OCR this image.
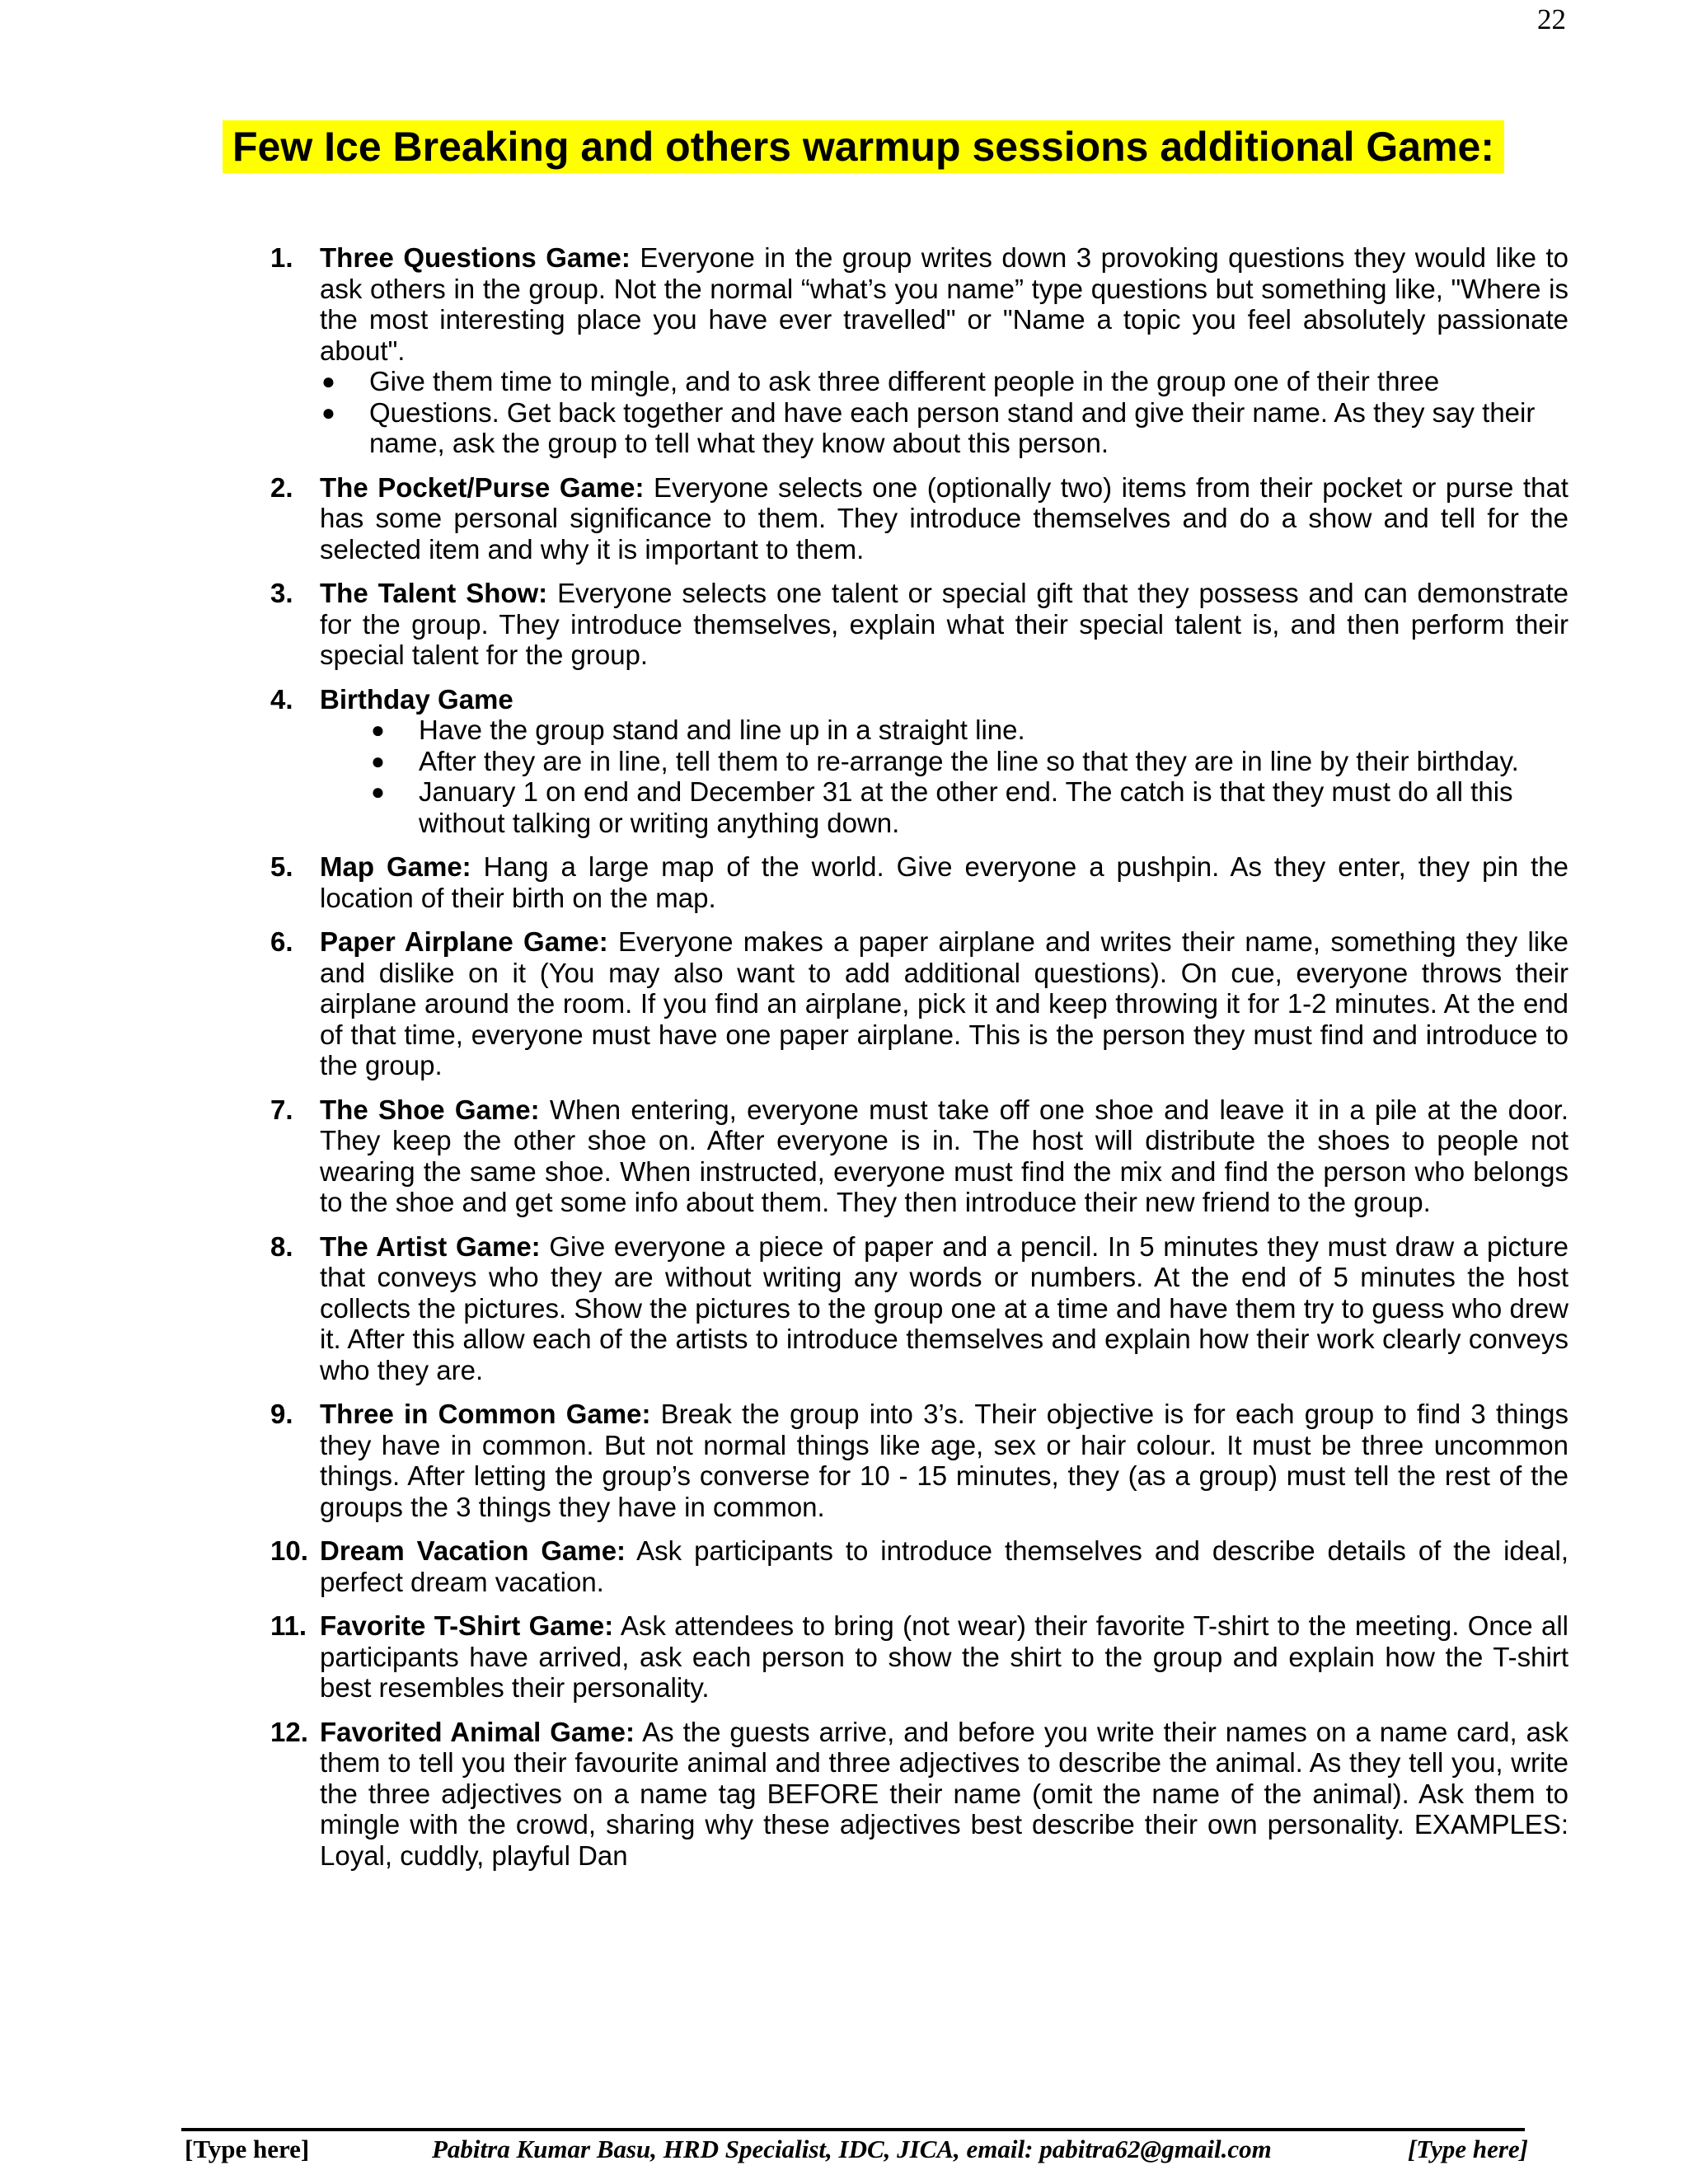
22
Few Ice Breaking and others warmup sessions additional Game:
1. Three Questions Game: Everyone in the group writes down 3 provoking questions they would like to ask others in the group. Not the normal “what’s you name” type questions but something like, "Where is the most interesting place you have ever travelled" or "Name a topic you feel absolutely passionate about".
● Give them time to mingle, and to ask three different people in the group one of their three
● Questions. Get back together and have each person stand and give their name. As they say their name, ask the group to tell what they know about this person.
2. The Pocket/Purse Game: Everyone selects one (optionally two) items from their pocket or purse that has some personal significance to them. They introduce themselves and do a show and tell for the selected item and why it is important to them.
3. The Talent Show: Everyone selects one talent or special gift that they possess and can demonstrate for the group. They introduce themselves, explain what their special talent is, and then perform their special talent for the group.
4. Birthday Game
● Have the group stand and line up in a straight line.
● After they are in line, tell them to re-arrange the line so that they are in line by their birthday.
● January 1 on end and December 31 at the other end. The catch is that they must do all this without talking or writing anything down.
5. Map Game: Hang a large map of the world. Give everyone a pushpin. As they enter, they pin the location of their birth on the map.
6. Paper Airplane Game: Everyone makes a paper airplane and writes their name, something they like and dislike on it (You may also want to add additional questions). On cue, everyone throws their airplane around the room. If you find an airplane, pick it and keep throwing it for 1-2 minutes. At the end of that time, everyone must have one paper airplane. This is the person they must find and introduce to the group.
7. The Shoe Game: When entering, everyone must take off one shoe and leave it in a pile at the door. They keep the other shoe on. After everyone is in. The host will distribute the shoes to people not wearing the same shoe. When instructed, everyone must find the mix and find the person who belongs to the shoe and get some info about them. They then introduce their new friend to the group.
8. The Artist Game: Give everyone a piece of paper and a pencil. In 5 minutes they must draw a picture that conveys who they are without writing any words or numbers. At the end of 5 minutes the host collects the pictures. Show the pictures to the group one at a time and have them try to guess who drew it. After this allow each of the artists to introduce themselves and explain how their work clearly conveys who they are.
9. Three in Common Game: Break the group into 3’s. Their objective is for each group to find 3 things they have in common. But not normal things like age, sex or hair colour. It must be three uncommon things. After letting the group’s converse for 10 - 15 minutes, they (as a group) must tell the rest of the groups the 3 things they have in common.
10. Dream Vacation Game: Ask participants to introduce themselves and describe details of the ideal, perfect dream vacation.
11. Favorite T-Shirt Game: Ask attendees to bring (not wear) their favorite T-shirt to the meeting. Once all participants have arrived, ask each person to show the shirt to the group and explain how the T-shirt best resembles their personality.
12. Favorited Animal Game: As the guests arrive, and before you write their names on a name card, ask them to tell you their favourite animal and three adjectives to describe the animal. As they tell you, write the three adjectives on a name tag BEFORE their name (omit the name of the animal). Ask them to mingle with the crowd, sharing why these adjectives best describe their own personality. EXAMPLES: Loyal, cuddly, playful Dan
[Type here]	Pabitra Kumar Basu, HRD Specialist, IDC, JICA, email: pabitra62@gmail.com	[Type here]
